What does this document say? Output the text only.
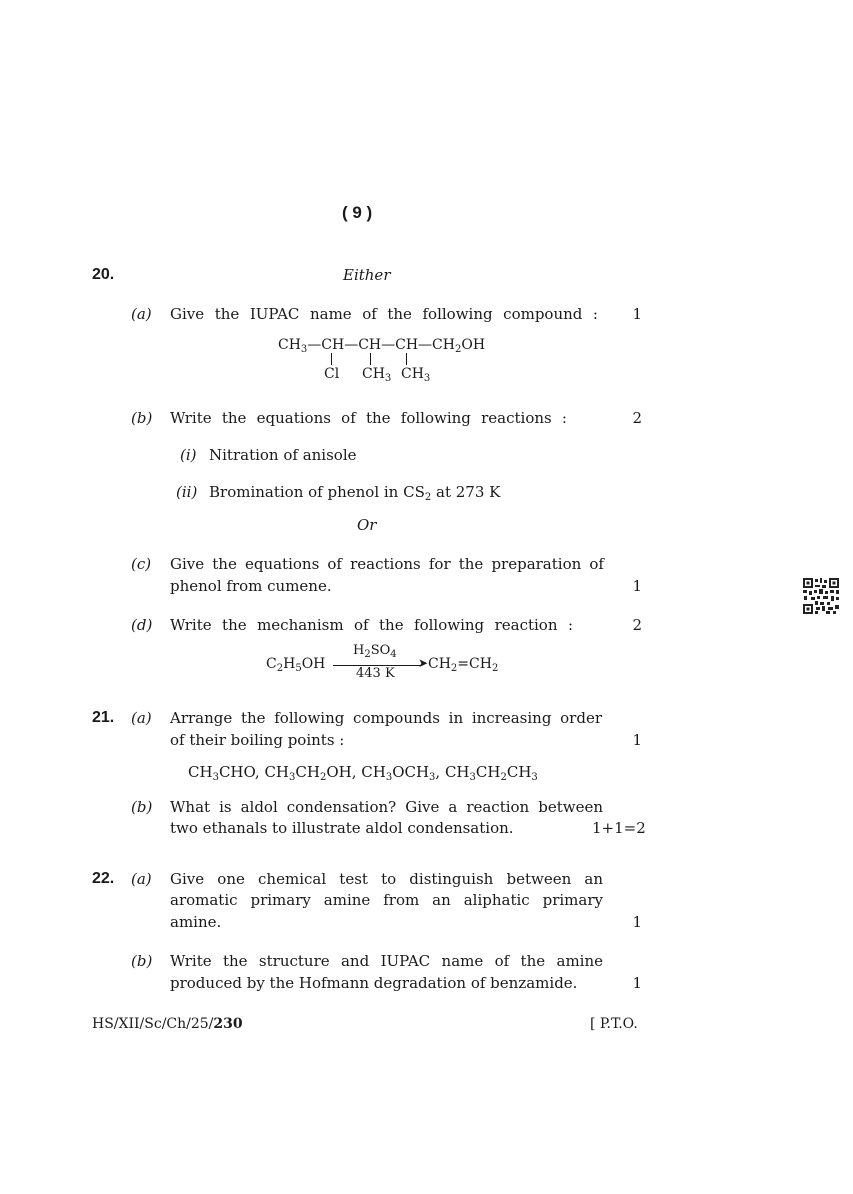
( 9 )
20.	Either
(a) Give the IUPAC name of the following compound :	1
$CH_3—CH—CH—CH—CH_2OH$
Cl $CH_3$ $CH_3$
(b) Write the equations of the following reactions :	2
(i) Nitration of anisole
(ii) Bromination of phenol in $CS_2$ at 273 K
Or
(c) Give the equations of reactions for the preparation of
phenol from cumene.	1
(d) Write the mechanism of the following reaction :	2
$C_2H_5OH$
$H_2SO_4$
➤
443 K
$CH_2=CH_2$
21. (a) Arrange the following compounds in increasing order
of their boiling points :	1
$CH_3CHO$, $CH_3CH_2OH$, $CH_3OCH_3$, $CH_3CH_2CH_3$
(b) What is aldol condensation? Give a reaction between
two ethanals to illustrate aldol condensation.	1+1=2
22. (a) Give one chemical test to distinguish between an
aromatic primary amine from an aliphatic primary
amine.	1
(b) Write the structure and IUPAC name of the amine
produced by the Hofmann degradation of benzamide.	1
HS/XII/Sc/Ch/25/230	[ P.T.O.
